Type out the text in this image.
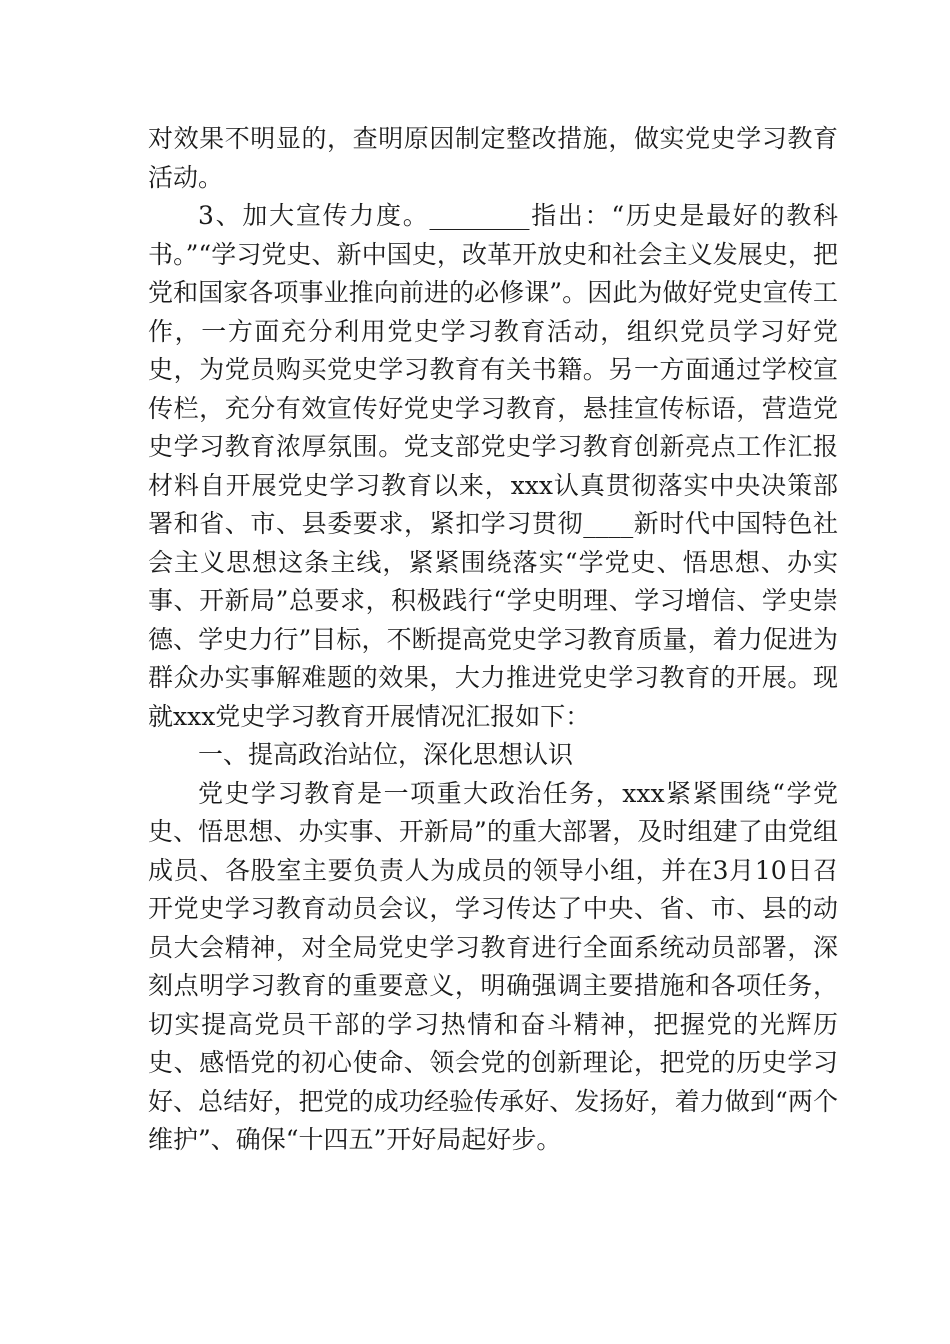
对效果不明显的，查明原因制定整改措施，做实党史学习教育活动。

3、加大宣传力度。________指出：“历史是最好的教科书。”“学习党史、新中国史，改革开放史和社会主义发展史，把党和国家各项事业推向前进的必修课”。因此为做好党史宣传工作，一方面充分利用党史学习教育活动，组织党员学习好党史，为党员购买党史学习教育有关书籍。另一方面通过学校宣传栏，充分有效宣传好党史学习教育，悬挂宣传标语，营造党史学习教育浓厚氛围。党支部党史学习教育创新亮点工作汇报材料自开展党史学习教育以来，xxx认真贯彻落实中央决策部署和省、市、县委要求，紧扣学习贯彻____新时代中国特色社会主义思想这条主线，紧紧围绕落实“学党史、悟思想、办实事、开新局”总要求，积极践行“学史明理、学习增信、学史崇德、学史力行”目标，不断提高党史学习教育质量，着力促进为群众办实事解难题的效果，大力推进党史学习教育的开展。现就xxx党史学习教育开展情况汇报如下：

一、提高政治站位，深化思想认识

党史学习教育是一项重大政治任务，xxx紧紧围绕“学党史、悟思想、办实事、开新局”的重大部署，及时组建了由党组成员、各股室主要负责人为成员的领导小组，并在3月10日召开党史学习教育动员会议，学习传达了中央、省、市、县的动员大会精神，对全局党史学习教育进行全面系统动员部署，深刻点明学习教育的重要意义，明确强调主要措施和各项任务，切实提高党员干部的学习热情和奋斗精神，把握党的光辉历史、感悟党的初心使命、领会党的创新理论，把党的历史学习好、总结好，把党的成功经验传承好、发扬好，着力做到“两个维护”、确保“十四五”开好局起好步。
